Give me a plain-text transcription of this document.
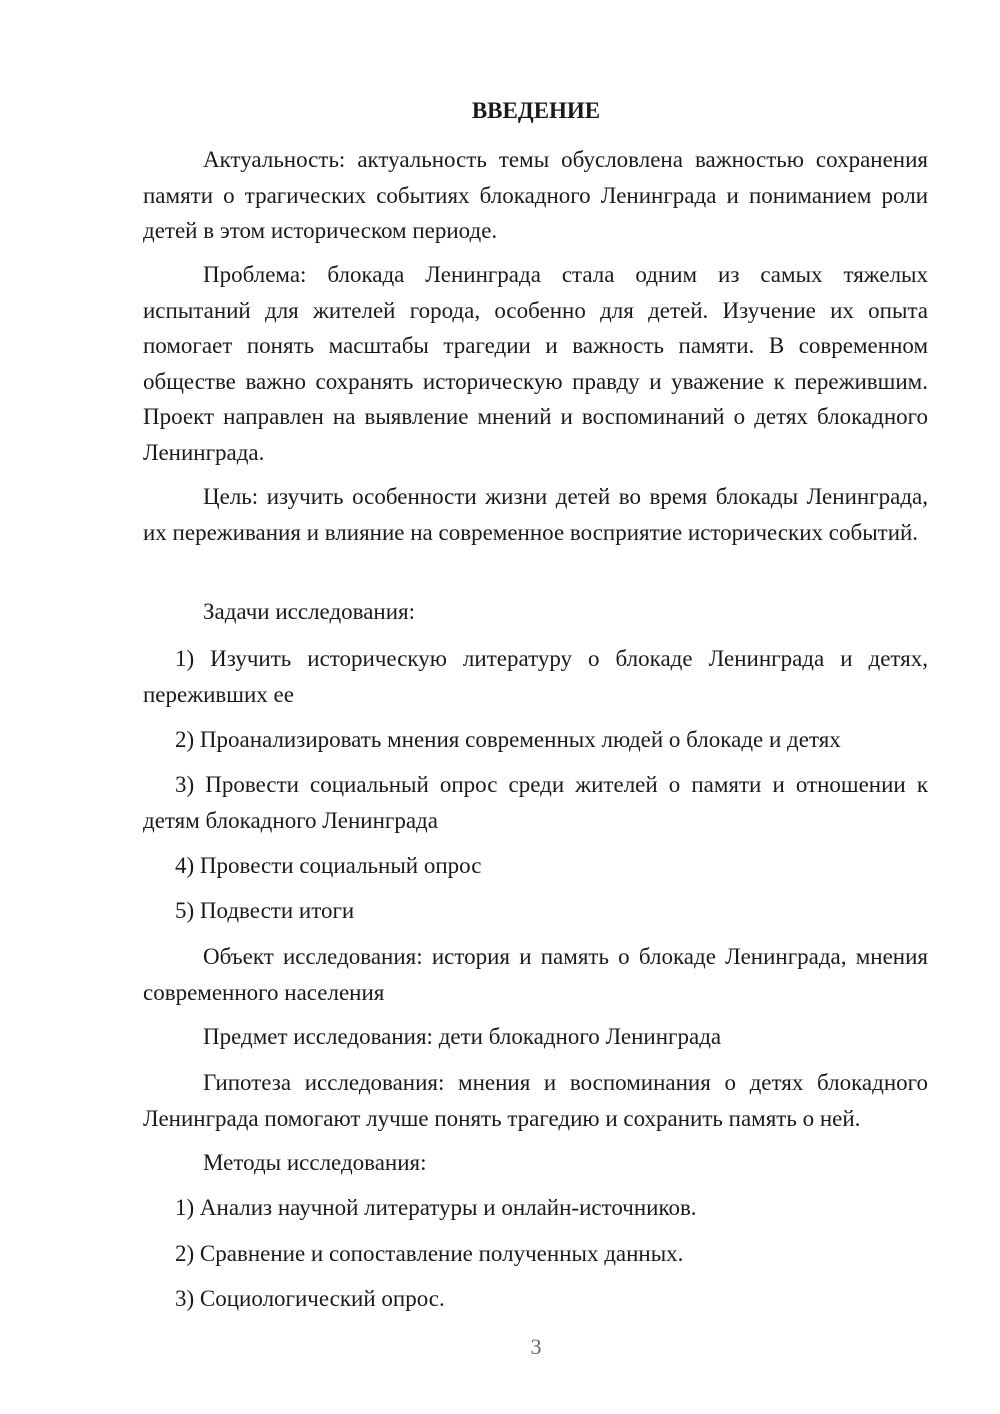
ВВЕДЕНИЕ

Актуальность: актуальность темы обусловлена важностью сохранения памяти о трагических событиях блокадного Ленинграда и пониманием роли детей в этом историческом периоде.

Проблема: блокада Ленинграда стала одним из самых тяжелых испытаний для жителей города, особенно для детей. Изучение их опыта помогает понять масштабы трагедии и важность памяти. В современном обществе важно сохранять историческую правду и уважение к пережившим. Проект направлен на выявление мнений и воспоминаний о детях блокадного Ленинграда.

Цель: изучить особенности жизни детей во время блокады Ленинграда, их переживания и влияние на современное восприятие исторических событий.

Задачи исследования:

1) Изучить историческую литературу о блокаде Ленинграда и детях, переживших ее

2) Проанализировать мнения современных людей о блокаде и детях

3) Провести социальный опрос среди жителей о памяти и отношении к детям блокадного Ленинграда

4) Провести социальный опрос

5) Подвести итоги

Объект исследования: история и память о блокаде Ленинграда, мнения современного населения

Предмет исследования: дети блокадного Ленинграда

Гипотеза исследования: мнения и воспоминания о детях блокадного Ленинграда помогают лучше понять трагедию и сохранить память о ней.

Методы исследования:

1) Анализ научной литературы и онлайн-источников.

2) Сравнение и сопоставление полученных данных.

3) Социологический опрос.

3
